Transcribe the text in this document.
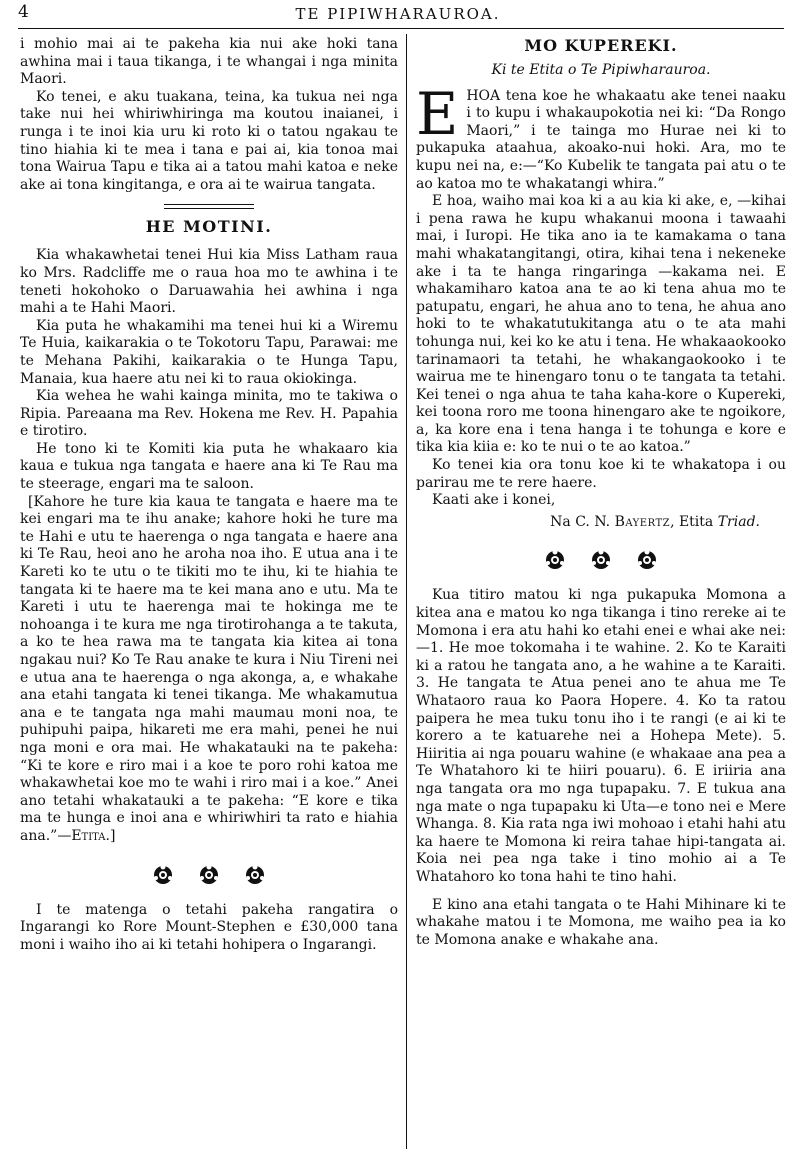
4	TE PIPIWHARAUROA.

i mohio mai ai te pakeha kia nui ake hoki tana awhina mai i taua tikanga, i te whangai i nga minita Maori.

Ko tenei, e aku tuakana, teina, ka tukua nei nga take nui hei whiriwhiringa ma koutou inaianei, i runga i te inoi kia uru ki roto ki o tatou ngakau te tino hiahia ki te mea i tana e pai ai, kia tonoa mai tona Wairua Tapu e tika ai a tatou mahi katoa e neke ake ai tona kingitanga, e ora ai te wairua tangata.

HE MOTINI.

Kia whakawhetai tenei Hui kia Miss Latham raua ko Mrs. Radcliffe me o raua hoa mo te awhina i te teneti hokohoko o Daruawahia hei awhina i nga mahi a te Hahi Maori.

Kia puta he whakamihi ma tenei hui ki a Wiremu Te Huia, kaikarakia o te Tokotoru Tapu, Parawai: me te Mehana Pakihi, kaikarakia o te Hunga Tapu, Manaia, kua haere atu nei ki to raua okiokinga.

Kia wehea he wahi kainga minita, mo te takiwa o Ripia. Pareaana ma Rev. Hokena me Rev. H. Papahia e tirotiro.

He tono ki te Komiti kia puta he whakaaro kia kaua e tukua nga tangata e haere ana ki Te Rau ma te steerage, engari ma te saloon.

[Kahore he ture kia kaua te tangata e haere ma te kei engari ma te ihu anake; kahore hoki he ture ma te Hahi e utu te haerenga o nga tangata e haere ana ki Te Rau, heoi ano he aroha noa iho. E utua ana i te Kareti ko te utu o te tikiti mo te ihu, ki te hiahia te tangata ki te haere ma te kei mana ano e utu. Ma te Kareti i utu te haerenga mai te hokinga me te nohoanga i te kura me nga tirotirohanga a te takuta, a ko te hea rawa ma te tangata kia kitea ai tona ngakau nui? Ko Te Rau anake te kura i Niu Tireni nei e utua ana te haerenga o nga akonga, a, e whakahe ana etahi tangata ki tenei tikanga. Me whakamutua ana e te tangata nga mahi maumau moni noa, te puhipuhi paipa, hikareti me era mahi, penei he nui nga moni e ora mai. He whakatauki na te pakeha: “Ki te kore e riro mai i a koe te poro rohi katoa me whakawhetai koe mo te wahi i riro mai i a koe.” Anei ano tetahi whakatauki a te pakeha: “E kore e tika ma te hunga e inoi ana e whiriwhiri ta rato e hiahia ana.”—Etita.]

I te matenga o tetahi pakeha rangatira o Ingarangi ko Rore Mount-Stephen e £30,000 tana moni i waiho iho ai ki tetahi hohipera o Ingarangi.

MO KUPEREKI.
Ki te Etita o Te Pipiwharauroa.

EHOA tena koe he whakaatu ake tenei naaku i to kupu i whakaupokotia nei ki: “Da Rongo Maori,” i te tainga mo Hurae nei ki to pukapuka ataahua, akoako-nui hoki. Ara, mo te kupu nei na, e:—“Ko Kubelik te tangata pai atu o te ao katoa mo te whakatangi whira.”

E hoa, waiho mai koa ki a au kia ki ake, e, —kihai i pena rawa he kupu whakanui moona i tawaahi mai, i Iuropi. He tika ano ia te kamakama o tana mahi whakatangitangi, otira, kihai tena i nekeneke ake i ta te hanga ringaringa —kakama nei. E whakamiharo katoa ana te ao ki tena ahua mo te patupatu, engari, he ahua ano to tena, he ahua ano hoki to te whakatutukitanga atu o te ata mahi tohunga nui, kei ko ke atu i tena. He whakaaokooko tarinamaori ta tetahi, he whakangaokooko i te wairua me te hinengaro tonu o te tangata ta tetahi. Kei tenei o nga ahua te taha kaha-kore o Kupereki, kei toona roro me toona hinengaro ake te ngoikore, a, ka kore ena i tena hanga i te tohunga e kore e tika kia kiia e: ko te nui o te ao katoa.”

Ko tenei kia ora tonu koe ki te whakatopa i ou parirau me te rere haere.

Kaati ake i konei,

Na C. N. Bayertz, Etita Triad.

Kua titiro matou ki nga pukapuka Momona a kitea ana e matou ko nga tikanga i tino rereke ai te Momona i era atu hahi ko etahi enei e whai ake nei:—1. He moe tokomaha i te wahine. 2. Ko te Karaiti ki a ratou he tangata ano, a he wahine a te Karaiti. 3. He tangata te Atua penei ano te ahua me Te Whataoro raua ko Paora Hopere. 4. Ko ta ratou paipera he mea tuku tonu iho i te rangi (e ai ki te korero a te katuarehe nei a Hohepa Mete). 5. Hiiritia ai nga pouaru wahine (e whakaae ana pea a Te Whatahoro ki te hiiri pouaru). 6. E iriiria ana nga tangata ora mo nga tupapaku. 7. E tukua ana nga mate o nga tupapaku ki Uta—e tono nei e Mere Whanga. 8. Kia rata nga iwi mohoao i etahi hahi atu ka haere te Momona ki reira tahae hipi-tangata ai. Koia nei pea nga take i tino mohio ai a Te Whatahoro ko tona hahi te tino hahi.

E kino ana etahi tangata o te Hahi Mihinare ki te whakahe matou i te Momona, me waiho pea ia ko te Momona anake e whakahe ana.
